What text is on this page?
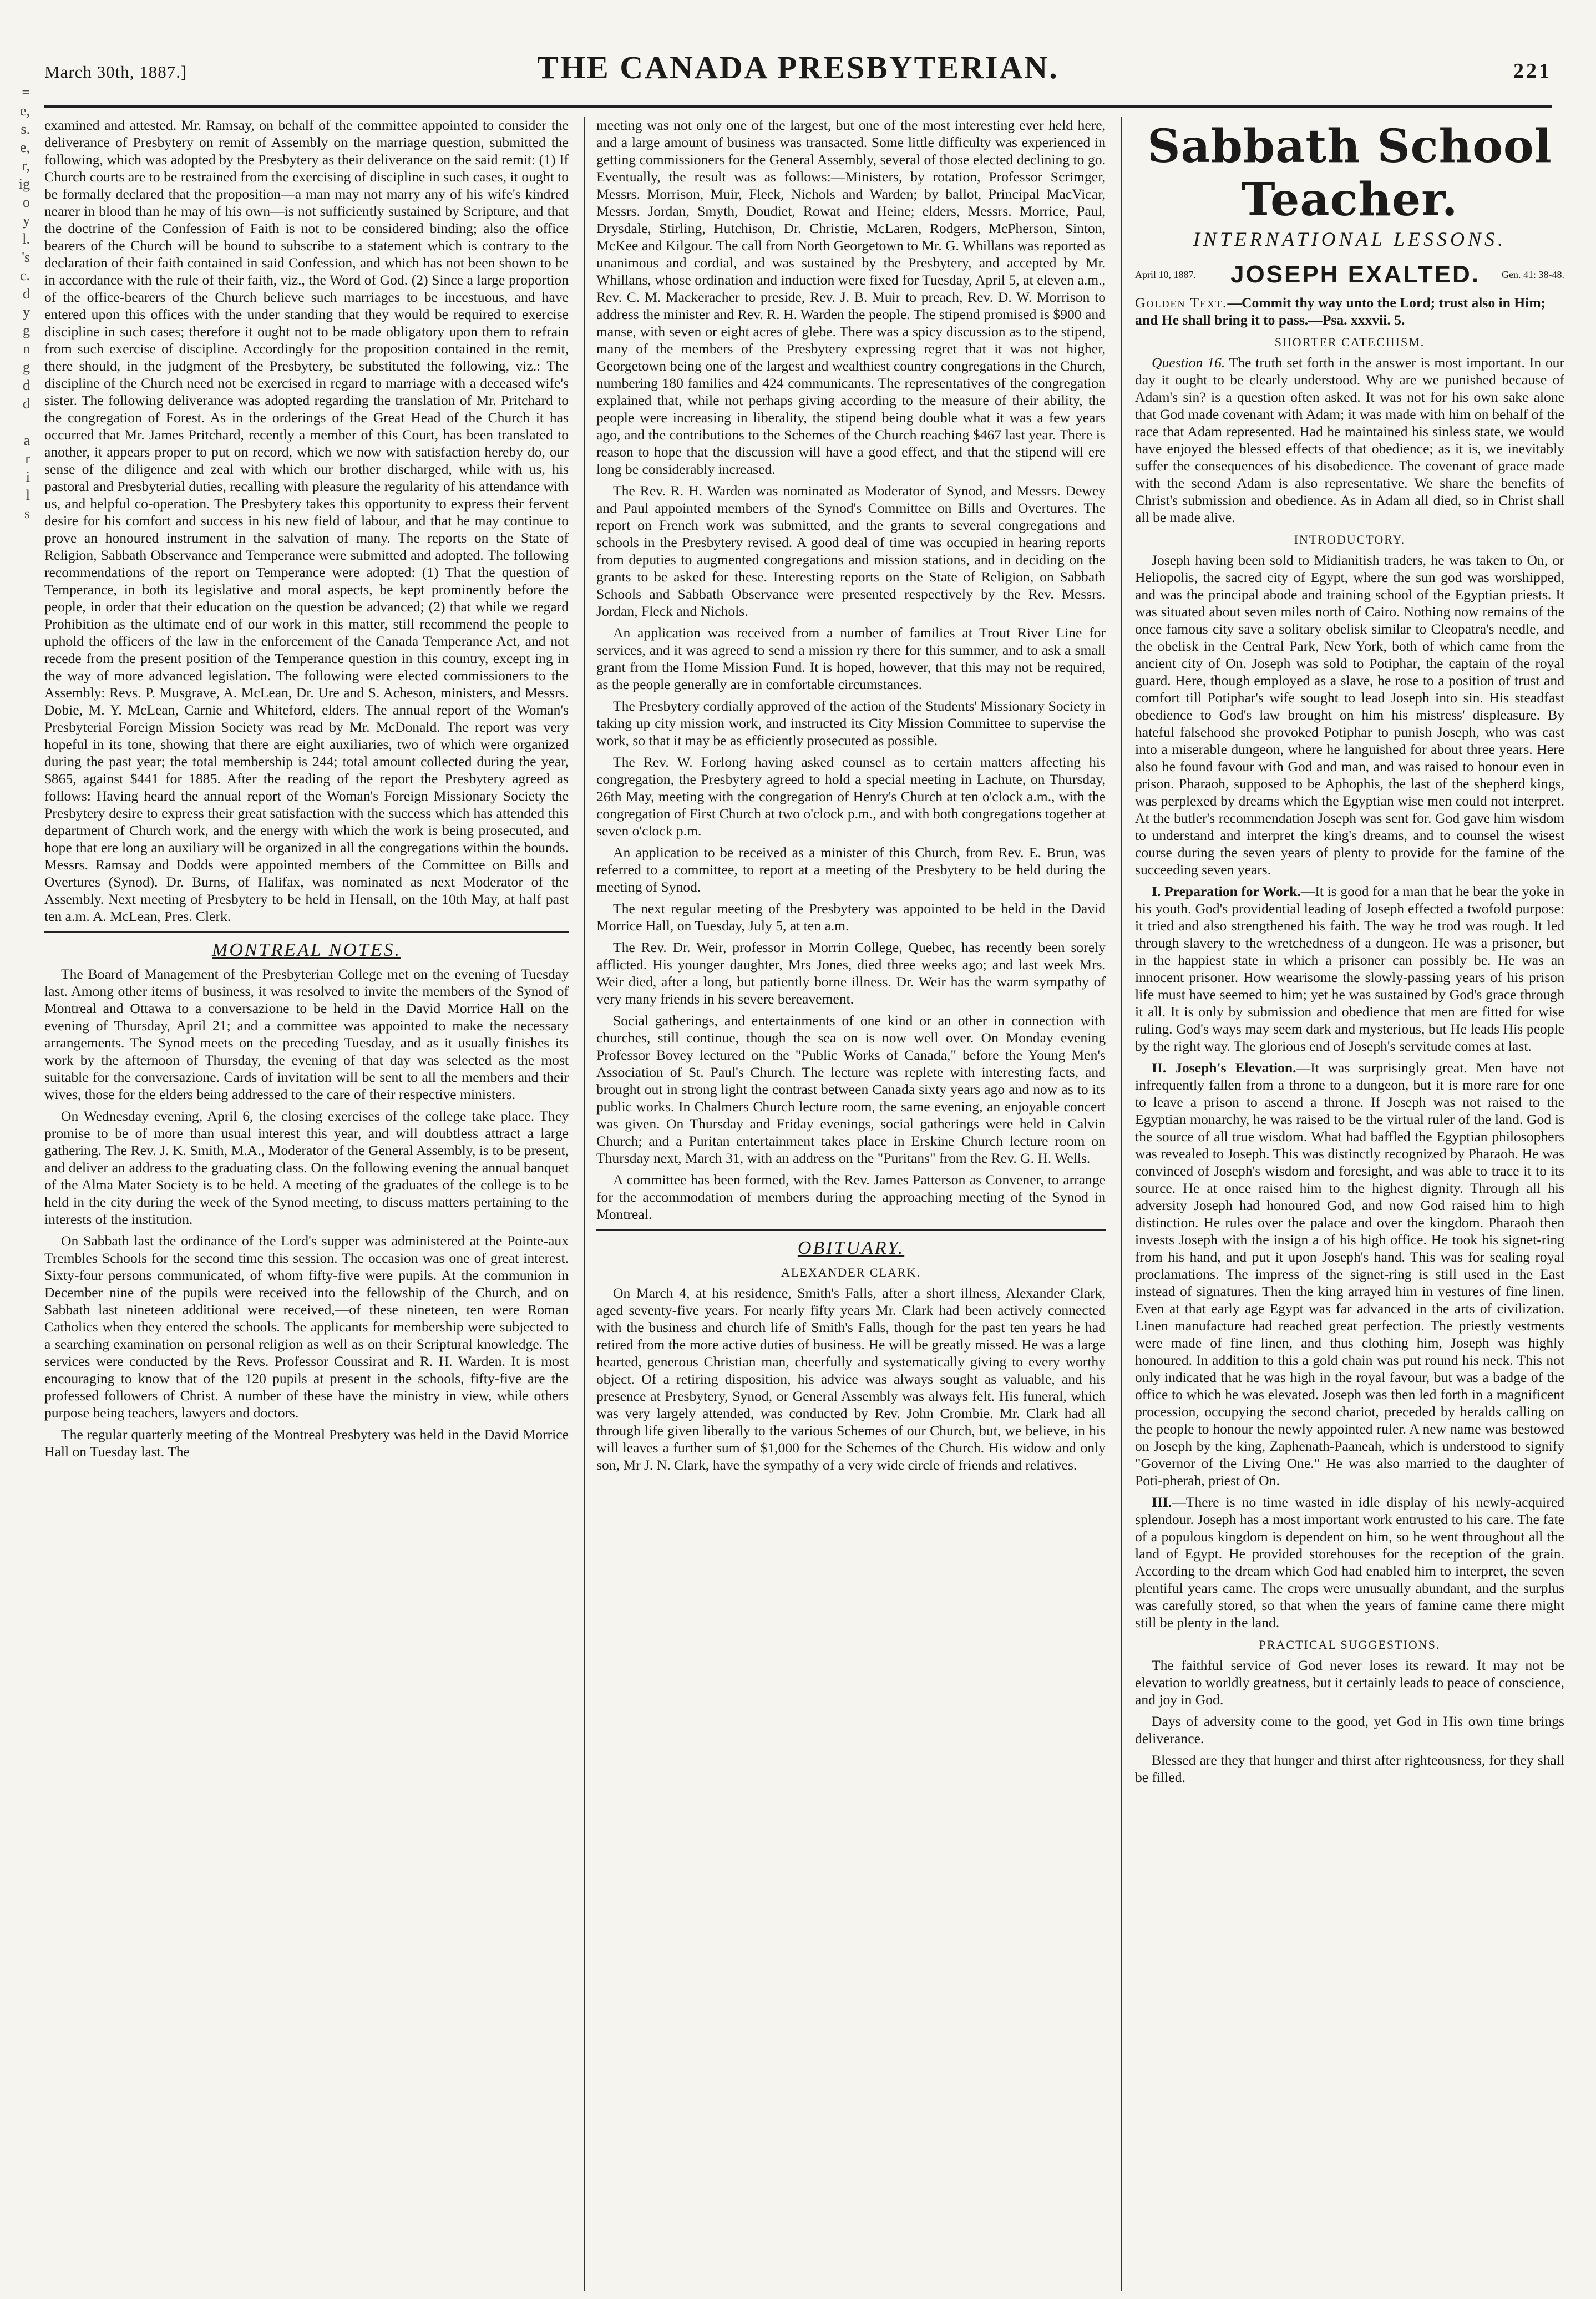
=
e,
s.
e,
r,
ig
o
y
l.
's
c.
d
y
g
n
g
d
d

a
r
i
l
s
March 30th, 1887.]	THE CANADA PRESBYTERIAN.	221

examined and attested. Mr. Ramsay, on behalf of the committee appointed to consider the deliverance of Presbytery on remit of Assembly on the marriage question, submitted the following, which was adopted by the Presbytery as their deliverance on the said remit: (1) If Church courts are to be restrained from the exercising of discipline in such cases, it ought to be formally declared that the proposition—a man may not marry any of his wife's kindred nearer in blood than he may of his own—is not sufficiently sustained by Scripture, and that the doctrine of the Confession of Faith is not to be considered binding; also the office bearers of the Church will be bound to subscribe to a statement which is contrary to the declaration of their faith contained in said Confession, and which has not been shown to be in accordance with the rule of their faith, viz., the Word of God. (2) Since a large proportion of the office-bearers of the Church believe such marriages to be incestuous, and have entered upon this offices with the under standing that they would be required to exercise discipline in such cases; therefore it ought not to be made obligatory upon them to refrain from such exercise of discipline. Accordingly for the proposition contained in the remit, there should, in the judgment of the Presbytery, be substituted the following, viz.: The discipline of the Church need not be exercised in regard to marriage with a deceased wife's sister. The following deliverance was adopted regarding the translation of Mr. Pritchard to the congregation of Forest. As in the orderings of the Great Head of the Church it has occurred that Mr. James Pritchard, recently a member of this Court, has been translated to another, it appears proper to put on record, which we now with satisfaction hereby do, our sense of the diligence and zeal with which our brother discharged, while with us, his pastoral and Presbyterial duties, recalling with pleasure the regularity of his attendance with us, and helpful co-operation. The Presbytery takes this opportunity to express their fervent desire for his comfort and success in his new field of labour, and that he may continue to prove an honoured instrument in the salvation of many. The reports on the State of Religion, Sabbath Observance and Temperance were submitted and adopted. The following recommendations of the report on Temperance were adopted: (1) That the question of Temperance, in both its legislative and moral aspects, be kept prominently before the people, in order that their education on the question be advanced; (2) that while we regard Prohibition as the ultimate end of our work in this matter, still recommend the people to uphold the officers of the law in the enforcement of the Canada Temperance Act, and not recede from the present position of the Temperance question in this country, except ing in the way of more advanced legislation. The following were elected commissioners to the Assembly: Revs. P. Musgrave, A. McLean, Dr. Ure and S. Acheson, ministers, and Messrs. Dobie, M. Y. McLean, Carnie and Whiteford, elders. The annual report of the Woman's Presbyterial Foreign Mission Society was read by Mr. McDonald. The report was very hopeful in its tone, showing that there are eight auxiliaries, two of which were organized during the past year; the total membership is 244; total amount collected during the year, $865, against $441 for 1885. After the reading of the report the Presbytery agreed as follows: Having heard the annual report of the Woman's Foreign Missionary Society the Presbytery desire to express their great satisfaction with the success which has attended this department of Church work, and the energy with which the work is being prosecuted, and hope that ere long an auxiliary will be organized in all the congregations within the bounds. Messrs. Ramsay and Dodds were appointed members of the Committee on Bills and Overtures (Synod). Dr. Burns, of Halifax, was nominated as next Moderator of the Assembly. Next meeting of Presbytery to be held in Hensall, on the 10th May, at half past ten a.m. A. McLean, Pres. Clerk.

MONTREAL NOTES.

The Board of Management of the Presbyterian College met on the evening of Tuesday last. Among other items of business, it was resolved to invite the members of the Synod of Montreal and Ottawa to a conversazione to be held in the David Morrice Hall on the evening of Thursday, April 21; and a committee was appointed to make the necessary arrangements. The Synod meets on the preceding Tuesday, and as it usually finishes its work by the afternoon of Thursday, the evening of that day was selected as the most suitable for the conversazione. Cards of invitation will be sent to all the members and their wives, those for the elders being addressed to the care of their respective ministers.

On Wednesday evening, April 6, the closing exercises of the college take place. They promise to be of more than usual interest this year, and will doubtless attract a large gathering. The Rev. J. K. Smith, M.A., Moderator of the General Assembly, is to be present, and deliver an address to the graduating class. On the following evening the annual banquet of the Alma Mater Society is to be held. A meeting of the graduates of the college is to be held in the city during the week of the Synod meeting, to discuss matters pertaining to the interests of the institution.

On Sabbath last the ordinance of the Lord's supper was administered at the Pointe-aux Trembles Schools for the second time this session. The occasion was one of great interest. Sixty-four persons communicated, of whom fifty-five were pupils. At the communion in December nine of the pupils were received into the fellowship of the Church, and on Sabbath last nineteen additional were received,—of these nineteen, ten were Roman Catholics when they entered the schools. The applicants for membership were subjected to a searching examination on personal religion as well as on their Scriptural knowledge. The services were conducted by the Revs. Professor Coussirat and R. H. Warden. It is most encouraging to know that of the 120 pupils at present in the schools, fifty-five are the professed followers of Christ. A number of these have the ministry in view, while others purpose being teachers, lawyers and doctors.

The regular quarterly meeting of the Montreal Presbytery was held in the David Morrice Hall on Tuesday last. The

meeting was not only one of the largest, but one of the most interesting ever held here, and a large amount of business was transacted. Some little difficulty was experienced in getting commissioners for the General Assembly, several of those elected declining to go. Eventually, the result was as follows:—Ministers, by rotation, Professor Scrimger, Messrs. Morrison, Muir, Fleck, Nichols and Warden; by ballot, Principal MacVicar, Messrs. Jordan, Smyth, Doudiet, Rowat and Heine; elders, Messrs. Morrice, Paul, Drysdale, Stirling, Hutchison, Dr. Christie, McLaren, Rodgers, McPherson, Sinton, McKee and Kilgour. The call from North Georgetown to Mr. G. Whillans was reported as unanimous and cordial, and was sustained by the Presbytery, and accepted by Mr. Whillans, whose ordination and induction were fixed for Tuesday, April 5, at eleven a.m., Rev. C. M. Mackeracher to preside, Rev. J. B. Muir to preach, Rev. D. W. Morrison to address the minister and Rev. R. H. Warden the people. The stipend promised is $900 and manse, with seven or eight acres of glebe. There was a spicy discussion as to the stipend, many of the members of the Presbytery expressing regret that it was not higher, Georgetown being one of the largest and wealthiest country congregations in the Church, numbering 180 families and 424 communicants. The representatives of the congregation explained that, while not perhaps giving according to the measure of their ability, the people were increasing in liberality, the stipend being double what it was a few years ago, and the contributions to the Schemes of the Church reaching $467 last year. There is reason to hope that the discussion will have a good effect, and that the stipend will ere long be considerably increased.

The Rev. R. H. Warden was nominated as Moderator of Synod, and Messrs. Dewey and Paul appointed members of the Synod's Committee on Bills and Overtures. The report on French work was submitted, and the grants to several congregations and schools in the Presbytery revised. A good deal of time was occupied in hearing reports from deputies to augmented congregations and mission stations, and in deciding on the grants to be asked for these. Interesting reports on the State of Religion, on Sabbath Schools and Sabbath Observance were presented respectively by the Rev. Messrs. Jordan, Fleck and Nichols.

An application was received from a number of families at Trout River Line for services, and it was agreed to send a mission ry there for this summer, and to ask a small grant from the Home Mission Fund. It is hoped, however, that this may not be required, as the people generally are in comfortable circumstances.

The Presbytery cordially approved of the action of the Students' Missionary Society in taking up city mission work, and instructed its City Mission Committee to supervise the work, so that it may be as efficiently prosecuted as possible.

The Rev. W. Forlong having asked counsel as to certain matters affecting his congregation, the Presbytery agreed to hold a special meeting in Lachute, on Thursday, 26th May, meeting with the congregation of Henry's Church at ten o'clock a.m., with the congregation of First Church at two o'clock p.m., and with both congregations together at seven o'clock p.m.

An application to be received as a minister of this Church, from Rev. E. Brun, was referred to a committee, to report at a meeting of the Presbytery to be held during the meeting of Synod.

The next regular meeting of the Presbytery was appointed to be held in the David Morrice Hall, on Tuesday, July 5, at ten a.m.

The Rev. Dr. Weir, professor in Morrin College, Quebec, has recently been sorely afflicted. His younger daughter, Mrs Jones, died three weeks ago; and last week Mrs. Weir died, after a long, but patiently borne illness. Dr. Weir has the warm sympathy of very many friends in his severe bereavement.

Social gatherings, and entertainments of one kind or an other in connection with churches, still continue, though the sea on is now well over. On Monday evening Professor Bovey lectured on the "Public Works of Canada," before the Young Men's Association of St. Paul's Church. The lecture was replete with interesting facts, and brought out in strong light the contrast between Canada sixty years ago and now as to its public works. In Chalmers Church lecture room, the same evening, an enjoyable concert was given. On Thursday and Friday evenings, social gatherings were held in Calvin Church; and a Puritan entertainment takes place in Erskine Church lecture room on Thursday next, March 31, with an address on the "Puritans" from the Rev. G. H. Wells.

A committee has been formed, with the Rev. James Patterson as Convener, to arrange for the accommodation of members during the approaching meeting of the Synod in Montreal.

OBITUARY.
ALEXANDER CLARK.

On March 4, at his residence, Smith's Falls, after a short illness, Alexander Clark, aged seventy-five years. For nearly fifty years Mr. Clark had been actively connected with the business and church life of Smith's Falls, though for the past ten years he had retired from the more active duties of business. He will be greatly missed. He was a large hearted, generous Christian man, cheerfully and systematically giving to every worthy object. Of a retiring disposition, his advice was always sought as valuable, and his presence at Presbytery, Synod, or General Assembly was always felt. His funeral, which was very largely attended, was conducted by Rev. John Crombie. Mr. Clark had all through life given liberally to the various Schemes of our Church, but, we believe, in his will leaves a further sum of $1,000 for the Schemes of the Church. His widow and only son, Mr J. N. Clark, have the sympathy of a very wide circle of friends and relatives.

Sabbath School Teacher.
INTERNATIONAL LESSONS.
April 10, 1887.	JOSEPH EXALTED.	Gen. 41: 38-48.
Golden Text.—Commit thy way unto the Lord; trust also in Him; and He shall bring it to pass.—Psa. xxxvii. 5.
SHORTER CATECHISM.

Question 16. The truth set forth in the answer is most important. In our day it ought to be clearly understood. Why are we punished because of Adam's sin? is a question often asked. It was not for his own sake alone that God made covenant with Adam; it was made with him on behalf of the race that Adam represented. Had he maintained his sinless state, we would have enjoyed the blessed effects of that obedience; as it is, we inevitably suffer the consequences of his disobedience. The covenant of grace made with the second Adam is also representative. We share the benefits of Christ's submission and obedience. As in Adam all died, so in Christ shall all be made alive.

INTRODUCTORY.

Joseph having been sold to Midianitish traders, he was taken to On, or Heliopolis, the sacred city of Egypt, where the sun god was worshipped, and was the principal abode and training school of the Egyptian priests. It was situated about seven miles north of Cairo. Nothing now remains of the once famous city save a solitary obelisk similar to Cleopatra's needle, and the obelisk in the Central Park, New York, both of which came from the ancient city of On. Joseph was sold to Potiphar, the captain of the royal guard. Here, though employed as a slave, he rose to a position of trust and comfort till Potiphar's wife sought to lead Joseph into sin. His steadfast obedience to God's law brought on him his mistress' displeasure. By hateful falsehood she provoked Potiphar to punish Joseph, who was cast into a miserable dungeon, where he languished for about three years. Here also he found favour with God and man, and was raised to honour even in prison. Pharaoh, supposed to be Aphophis, the last of the shepherd kings, was perplexed by dreams which the Egyptian wise men could not interpret. At the butler's recommendation Joseph was sent for. God gave him wisdom to understand and interpret the king's dreams, and to counsel the wisest course during the seven years of plenty to provide for the famine of the succeeding seven years.

I. Preparation for Work.—It is good for a man that he bear the yoke in his youth. God's providential leading of Joseph effected a twofold purpose: it tried and also strengthened his faith. The way he trod was rough. It led through slavery to the wretchedness of a dungeon. He was a prisoner, but in the happiest state in which a prisoner can possibly be. He was an innocent prisoner. How wearisome the slowly-passing years of his prison life must have seemed to him; yet he was sustained by God's grace through it all. It is only by submission and obedience that men are fitted for wise ruling. God's ways may seem dark and mysterious, but He leads His people by the right way. The glorious end of Joseph's servitude comes at last.

II. Joseph's Elevation.—It was surprisingly great. Men have not infrequently fallen from a throne to a dungeon, but it is more rare for one to leave a prison to ascend a throne. If Joseph was not raised to the Egyptian monarchy, he was raised to be the virtual ruler of the land. God is the source of all true wisdom. What had baffled the Egyptian philosophers was revealed to Joseph. This was distinctly recognized by Pharaoh. He was convinced of Joseph's wisdom and foresight, and was able to trace it to its source. He at once raised him to the highest dignity. Through all his adversity Joseph had honoured God, and now God raised him to high distinction. He rules over the palace and over the kingdom. Pharaoh then invests Joseph with the insign a of his high office. He took his signet-ring from his hand, and put it upon Joseph's hand. This was for sealing royal proclamations. The impress of the signet-ring is still used in the East instead of signatures. Then the king arrayed him in vestures of fine linen. Even at that early age Egypt was far advanced in the arts of civilization. Linen manufacture had reached great perfection. The priestly vestments were made of fine linen, and thus clothing him, Joseph was highly honoured. In addition to this a gold chain was put round his neck. This not only indicated that he was high in the royal favour, but was a badge of the office to which he was elevated. Joseph was then led forth in a magnificent procession, occupying the second chariot, preceded by heralds calling on the people to honour the newly appointed ruler. A new name was bestowed on Joseph by the king, Zaphenath-Paaneah, which is understood to signify "Governor of the Living One." He was also married to the daughter of Poti-pherah, priest of On.

III.—There is no time wasted in idle display of his newly-acquired splendour. Joseph has a most important work entrusted to his care. The fate of a populous kingdom is dependent on him, so he went throughout all the land of Egypt. He provided storehouses for the reception of the grain. According to the dream which God had enabled him to interpret, the seven plentiful years came. The crops were unusually abundant, and the surplus was carefully stored, so that when the years of famine came there might still be plenty in the land.

PRACTICAL SUGGESTIONS.

The faithful service of God never loses its reward. It may not be elevation to worldly greatness, but it certainly leads to peace of conscience, and joy in God.

Days of adversity come to the good, yet God in His own time brings deliverance.

Blessed are they that hunger and thirst after righteousness, for they shall be filled.
